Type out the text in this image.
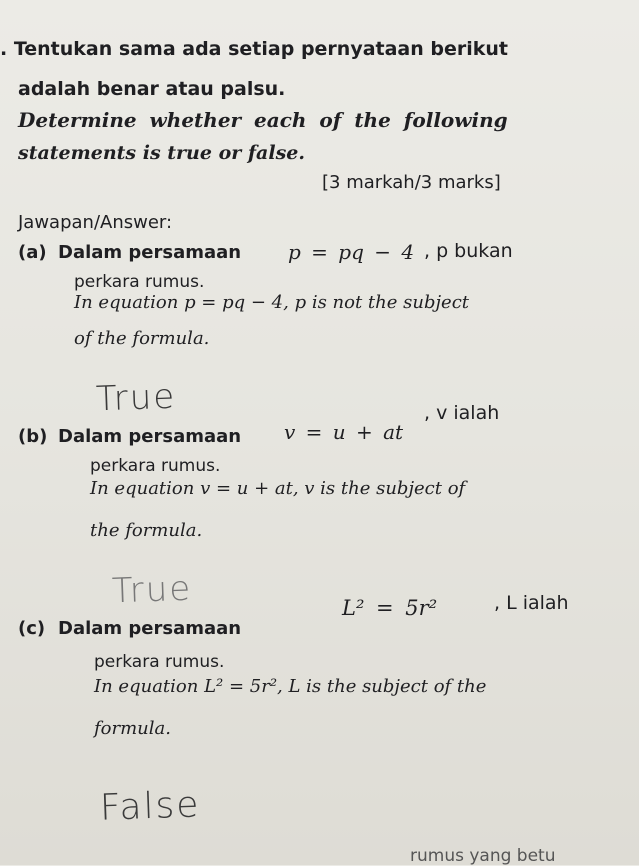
. Tentukan sama ada setiap pernyataan berikut
adalah benar atau palsu.
Determine whether each of the following
statements is true or false.
[3 markah/3 marks]
Jawapan/Answer:
(a) Dalam persamaan p = pq − 4 , p bukan
perkara rumus.
In equation p = pq − 4, p is not the subject
of the formula.
True
(b) Dalam persamaan v = u + at
, v ialah
perkara rumus.
In equation v = u + at, v is the subject of
the formula.
True
(c) Dalam persamaan
L² = 5r²	, L ialah
perkara rumus.
In equation L² = 5r², L is the subject of the
formula.
False
rumus yang betu
